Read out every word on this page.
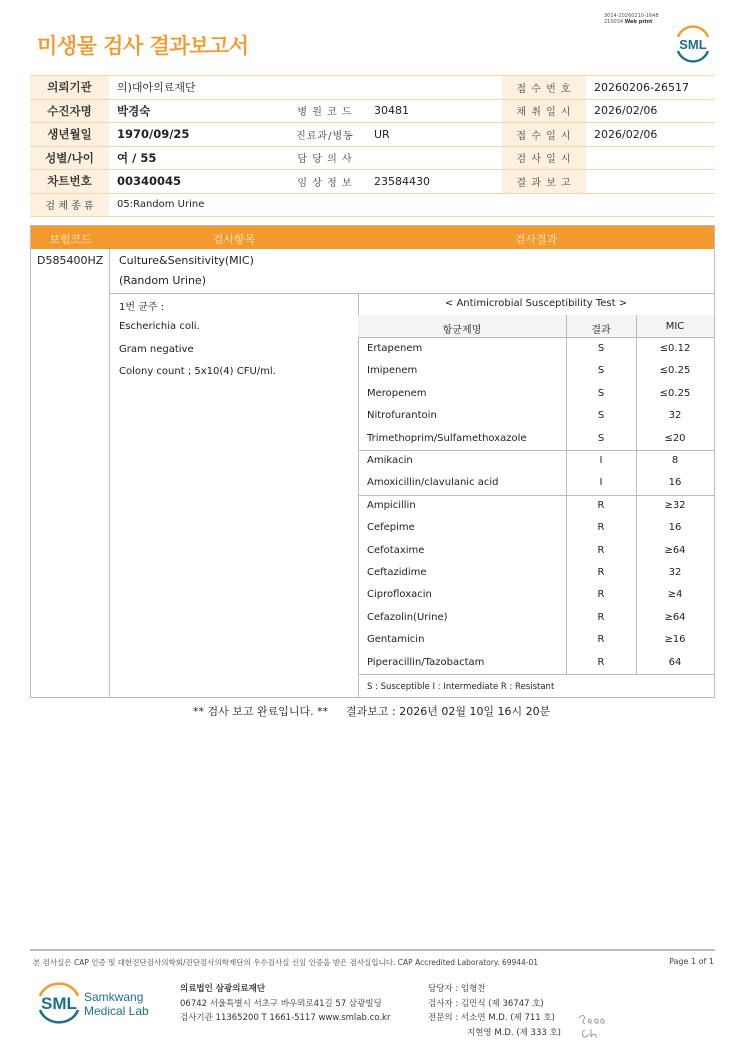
3014-20260210-1648
210034 Web print
미생물 검사 결과보고서	SML
의뢰기관	의)대아의료재단			접 수 번 호	20260206-26517
수진자명	박경숙	병 원 코 드	30481	채 취 일 시	2026/02/06
생년월일	1970/09/25	진료과/병동	UR	접 수 일 시	2026/02/06
성별/나이	여 / 55	담 당 의 사		검 사 일 시	
차트번호	00340045	임 상 정 보	23584430	결 과 보 고	
검 체 종 류	05:Random Urine				
보험코드	검사항목	검사결과
D585400HZ Culture&Sensitivity(MIC)
(Random Urine)
1번 균주 :
Escherichia coli.
Gram negative
Colony count ; 5x10(4) CFU/ml.
< Antimicrobial Susceptibility Test >
항균제명	결과	MIC
Ertapenem	S	≤0.12
Imipenem	S	≤0.25
Meropenem	S	≤0.25
Nitrofurantoin	S	32
Trimethoprim/Sulfamethoxazole	S	≤20
Amikacin	I	8
Amoxicillin/clavulanic acid	I	16
Ampicillin	R	≥32
Cefepime	R	16
Cefotaxime	R	≥64
Ceftazidime	R	32
Ciprofloxacin	R	≥4
Cefazolin(Urine)	R	≥64
Gentamicin	R	≥16
Piperacillin/Tazobactam	R	64
S : Susceptible I : Intermediate R : Resistant
** 검사 보고 완료입니다. ** 결과보고 : 2026년 02월 10일 16시 20분
본 검사실은 CAP 인증 및 대한진단검사의학회/진단검사의학재단의 우수검사실 신임 인증을 받은 검사실입니다. CAP Accredited Laboratory. 69944-01	Page 1 of 1
SML Samkwang
Medical Lab
의료법인 삼광의료재단
06742 서울특별시 서초구 바우뫼로41길 57 삼광빌딩
검사기관 11365200 T 1661-5117 www.smlab.co.kr
담당자 : 임형찬
검사자 : 김민식 (제 36747 호)
전문의 : 서소연 M.D. (제 711 호)
지현영 M.D. (제 333 호)
